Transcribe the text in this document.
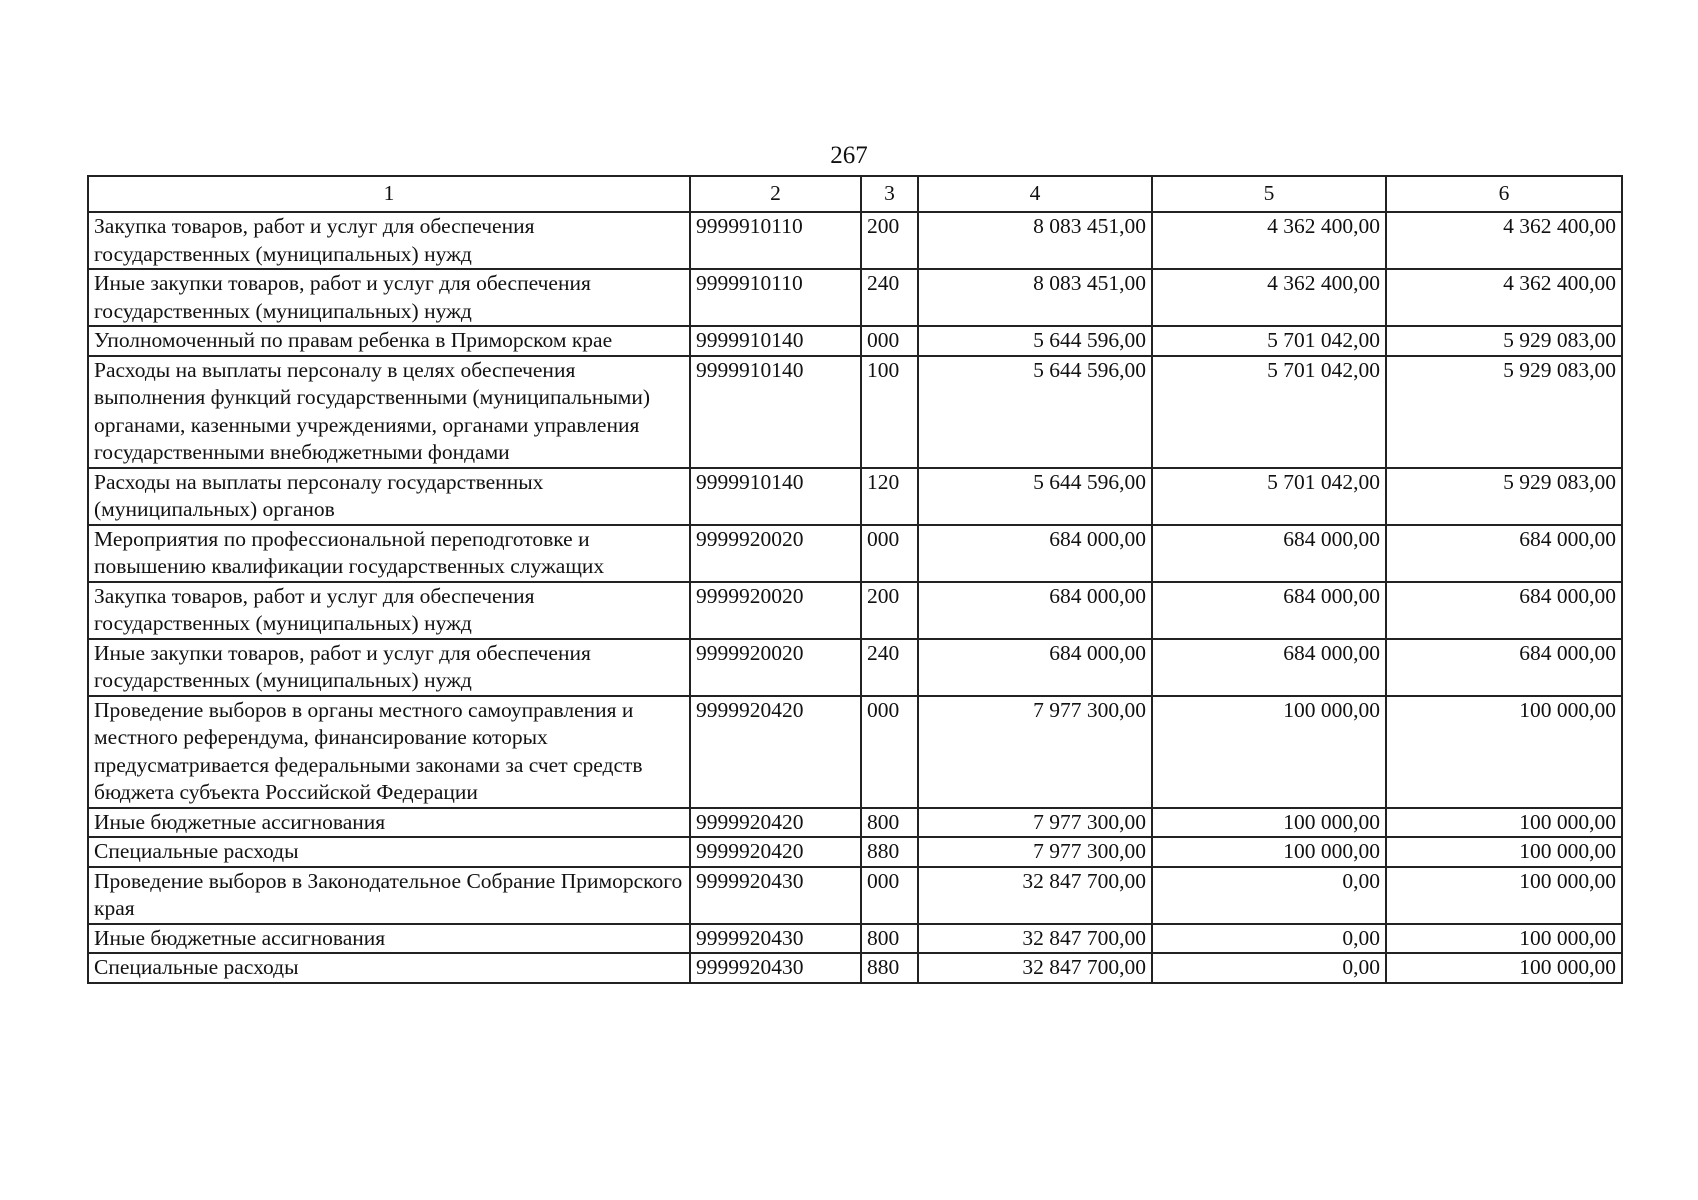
267
1	2	3	4	5	6
Закупка товаров, работ и услуг для обеспечения государственных (муниципальных) нужд	9999910110	200	8 083 451,00	4 362 400,00	4 362 400,00
Иные закупки товаров, работ и услуг для обеспечения государственных (муниципальных) нужд	9999910110	240	8 083 451,00	4 362 400,00	4 362 400,00
Уполномоченный по правам ребенка в Приморском крае	9999910140	000	5 644 596,00	5 701 042,00	5 929 083,00
Расходы на выплаты персоналу в целях обеспечения выполнения функций государственными (муниципальными) органами, казенными учреждениями, органами управления государственными внебюджетными фондами	9999910140	100	5 644 596,00	5 701 042,00	5 929 083,00
Расходы на выплаты персоналу государственных (муниципальных) органов	9999910140	120	5 644 596,00	5 701 042,00	5 929 083,00
Мероприятия по профессиональной переподготовке и повышению квалификации государственных служащих	9999920020	000	684 000,00	684 000,00	684 000,00
Закупка товаров, работ и услуг для обеспечения государственных (муниципальных) нужд	9999920020	200	684 000,00	684 000,00	684 000,00
Иные закупки товаров, работ и услуг для обеспечения государственных (муниципальных) нужд	9999920020	240	684 000,00	684 000,00	684 000,00
Проведение выборов в органы местного самоуправления и местного референдума, финансирование которых предусматривается федеральными законами за счет средств бюджета субъекта Российской Федерации	9999920420	000	7 977 300,00	100 000,00	100 000,00
Иные бюджетные ассигнования	9999920420	800	7 977 300,00	100 000,00	100 000,00
Специальные расходы	9999920420	880	7 977 300,00	100 000,00	100 000,00
Проведение выборов в Законодательное Собрание Приморского края	9999920430	000	32 847 700,00	0,00	100 000,00
Иные бюджетные ассигнования	9999920430	800	32 847 700,00	0,00	100 000,00
Специальные расходы	9999920430	880	32 847 700,00	0,00	100 000,00
